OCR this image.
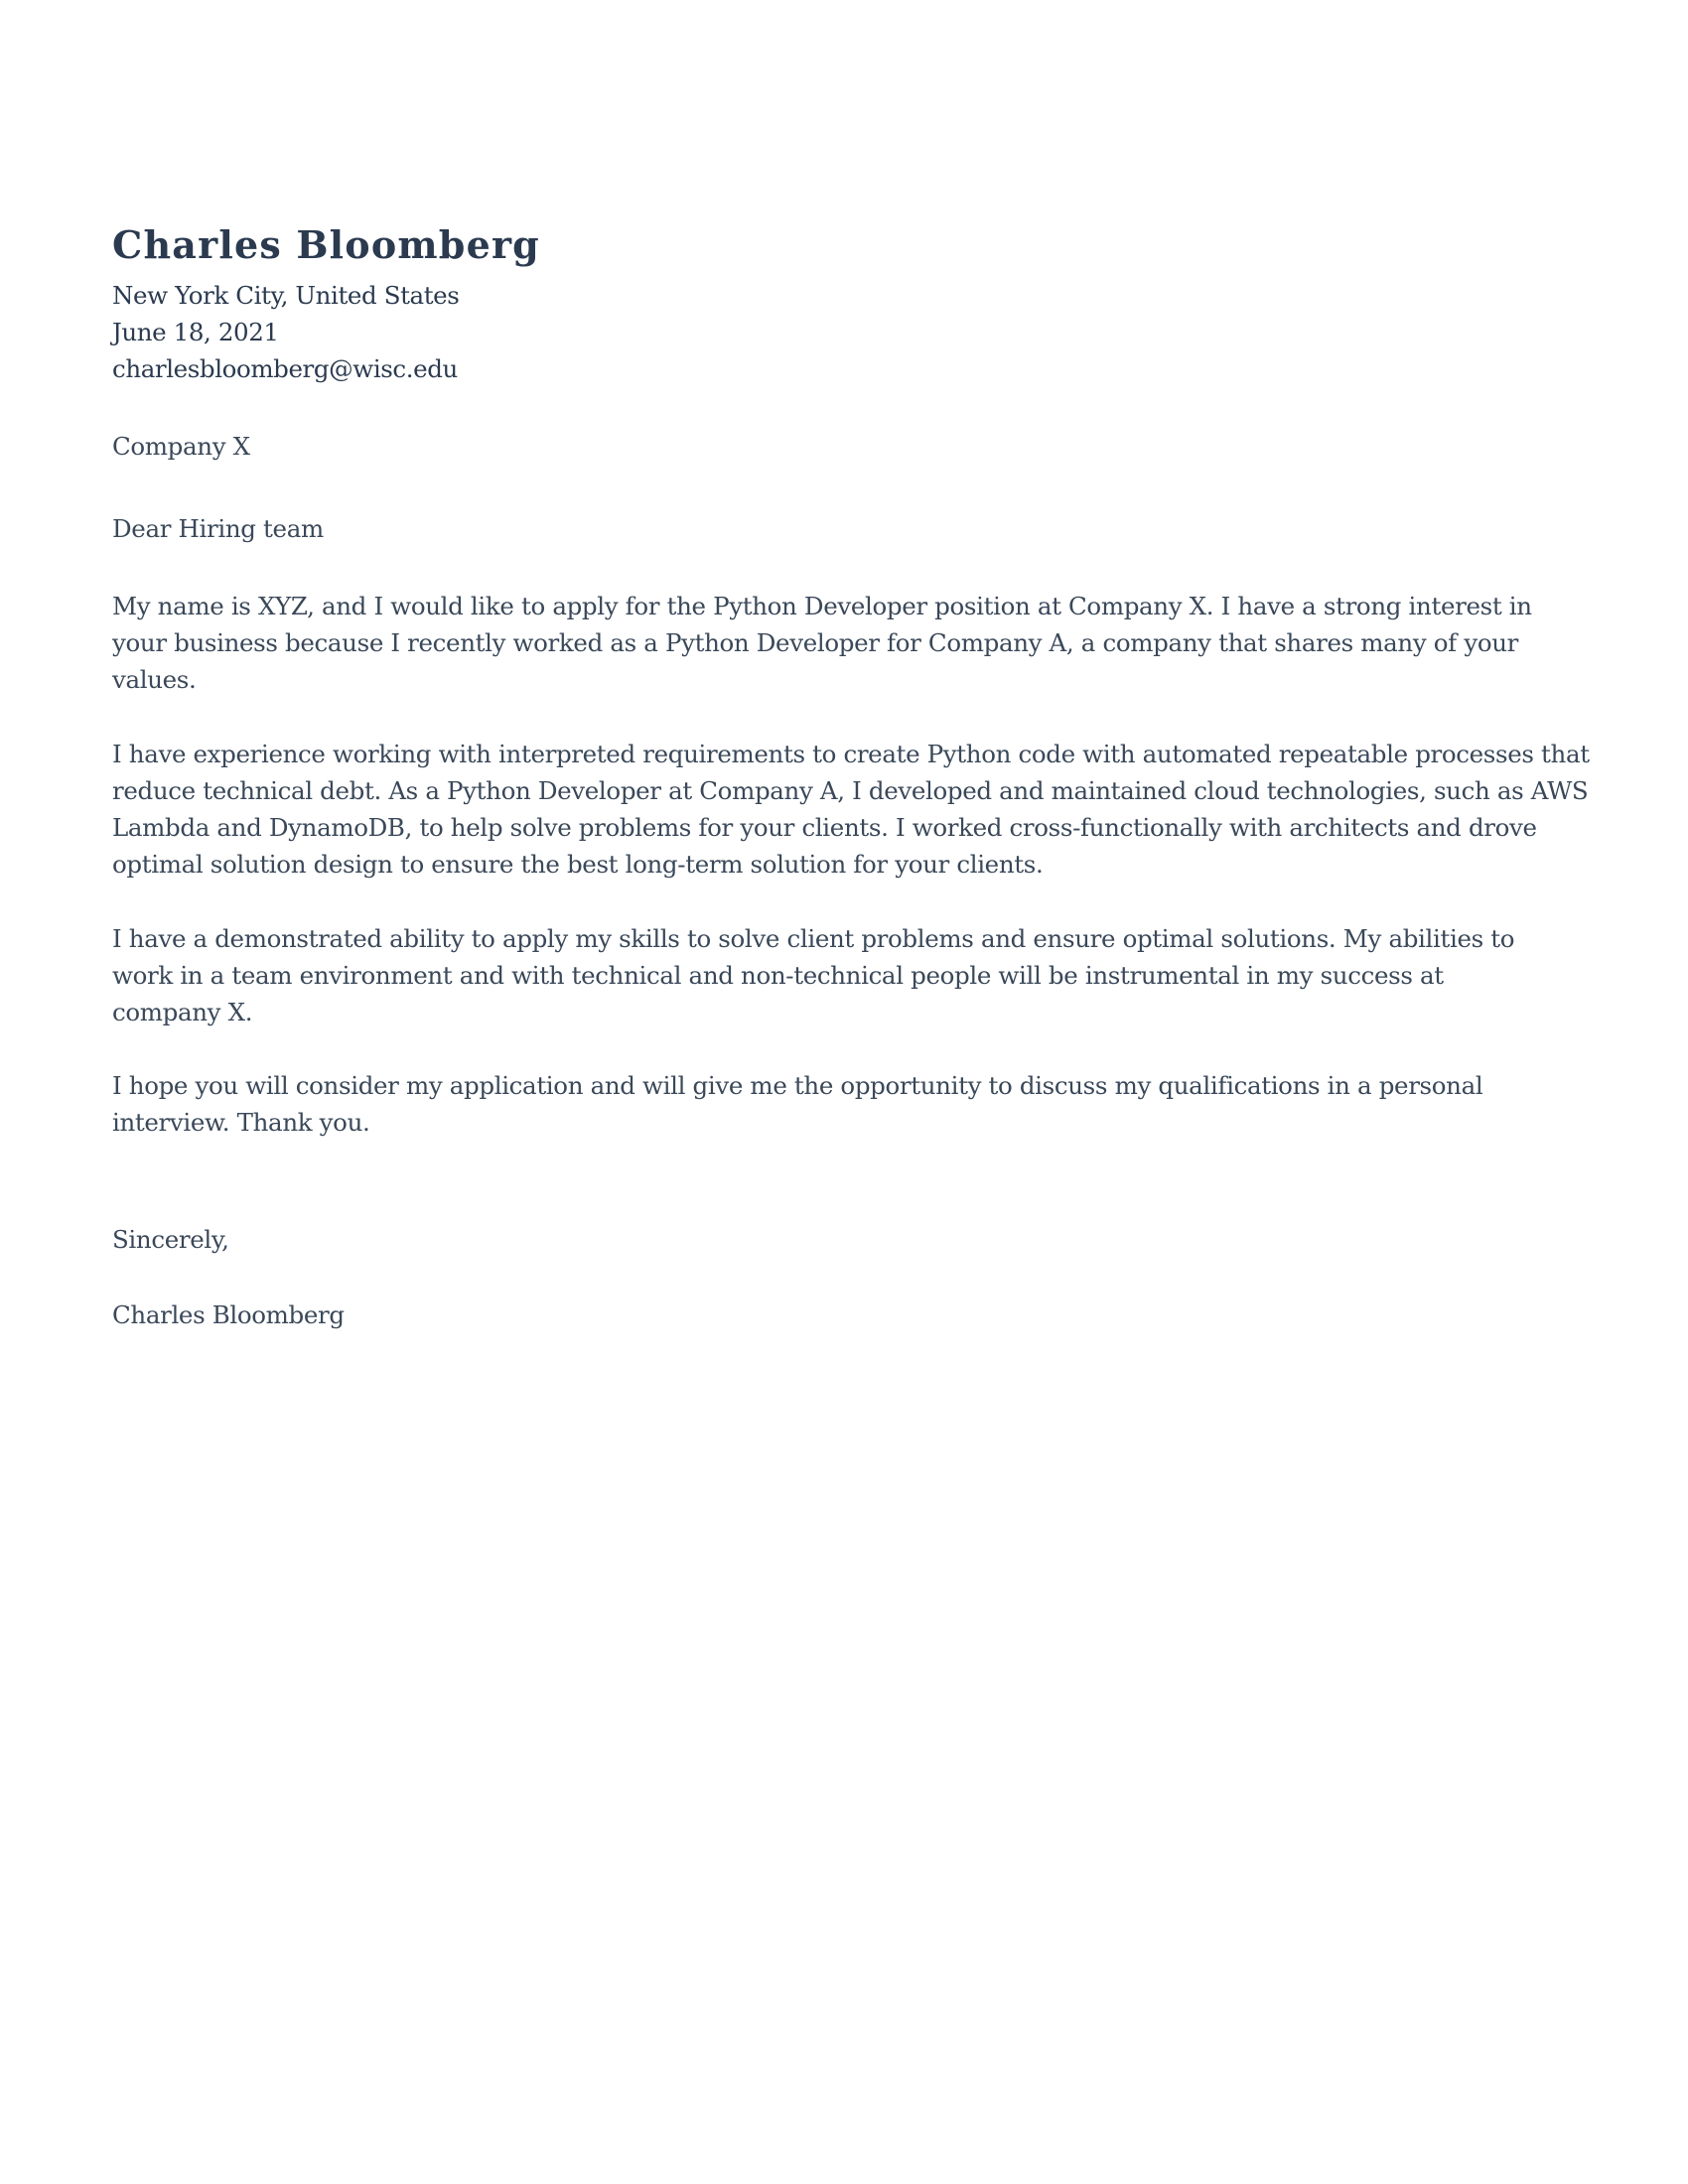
Charles Bloomberg
New York City, United States
June 18, 2021
charlesbloomberg@wisc.edu
Company X
Dear Hiring team
My name is XYZ, and I would like to apply for the Python Developer position at Company X. I have a strong interest in
your business because I recently worked as a Python Developer for Company A, a company that shares many of your
values.
I have experience working with interpreted requirements to create Python code with automated repeatable processes that
reduce technical debt. As a Python Developer at Company A, I developed and maintained cloud technologies, such as AWS
Lambda and DynamoDB, to help solve problems for your clients. I worked cross-functionally with architects and drove
optimal solution design to ensure the best long-term solution for your clients.
I have a demonstrated ability to apply my skills to solve client problems and ensure optimal solutions. My abilities to
work in a team environment and with technical and non-technical people will be instrumental in my success at
company X.
I hope you will consider my application and will give me the opportunity to discuss my qualifications in a personal
interview. Thank you.
Sincerely,
Charles Bloomberg
